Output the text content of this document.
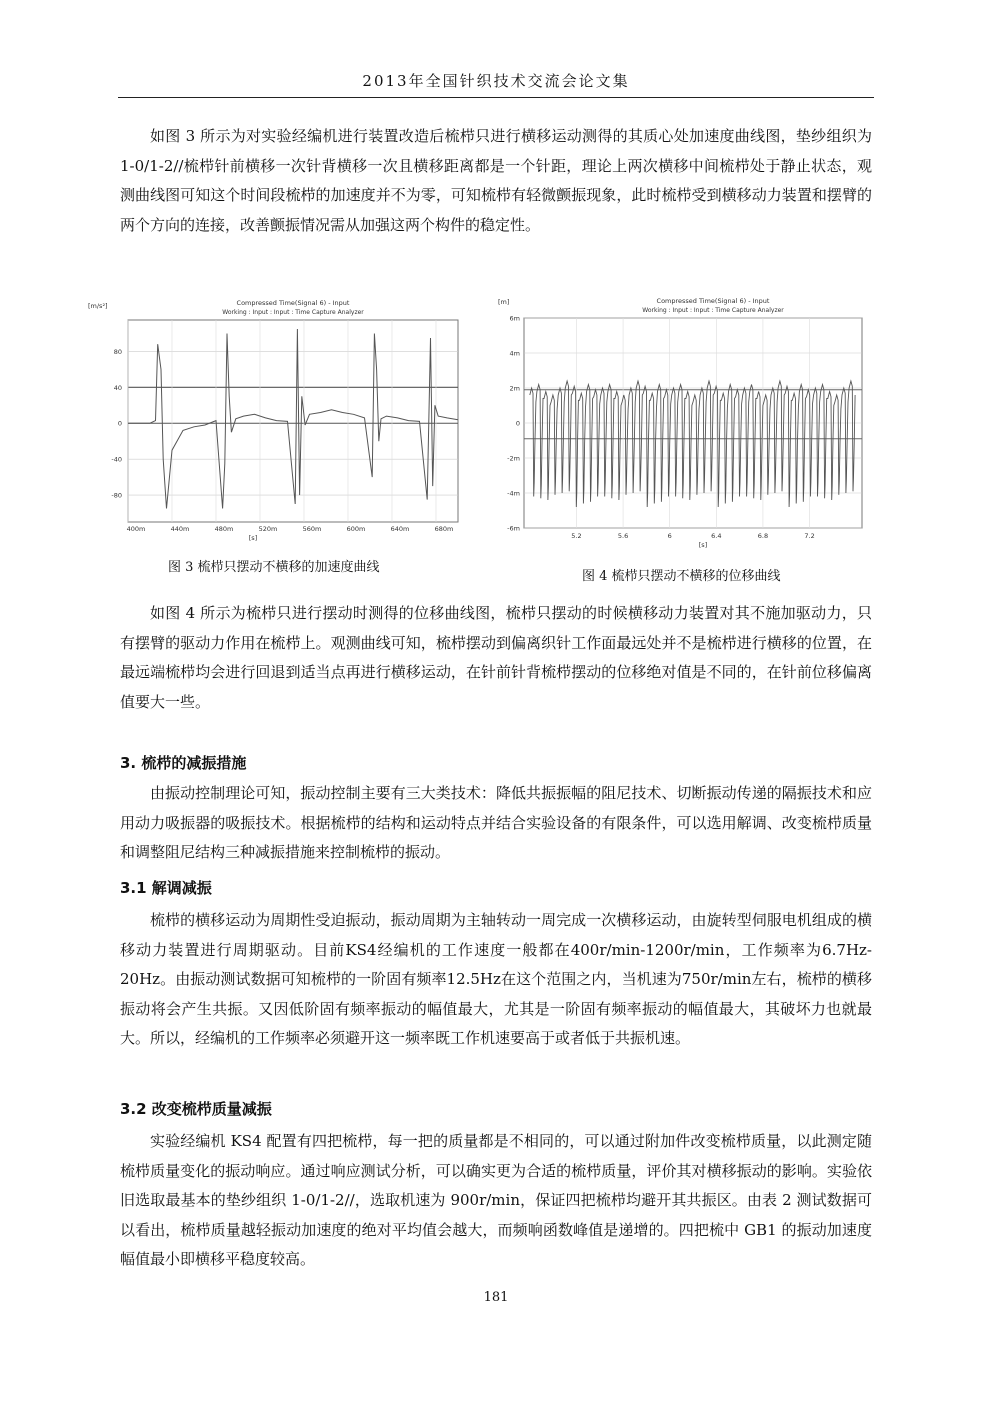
2013年全国针织技术交流会论文集

如图 3 所示为对实验经编机进行装置改造后梳栉只进行横移运动测得的其质心处加速度曲线图，垫纱组织为 1-0/1-2//梳栉针前横移一次针背横移一次且横移距离都是一个针距，理论上两次横移中间梳栉处于静止状态，观测曲线图可知这个时间段梳栉的加速度并不为零，可知梳栉有轻微颤振现象，此时梳栉受到横移动力装置和摆臂的两个方向的连接，改善颤振情况需从加强这两个构件的稳定性。

Compressed Time(Signal 6) - Input
Working : Input : Input : Time Capture Analyzer
[m/s²]
80
40
0
-40
-80
400m	440m	480m	520m	560m	600m	640m	680m
[s]
图 3 梳栉只摆动不横移的加速度曲线
Compressed Time(Signal 6) - Input
Working : Input : Input : Time Capture Analyzer
[m]
6m
4m
2m
0
-2m
-4m
-6m
5.2	5.6	6	6.4	6.8	7.2
[s]
图 4 梳栉只摆动不横移的位移曲线

如图 4 所示为梳栉只进行摆动时测得的位移曲线图，梳栉只摆动的时候横移动力装置对其不施加驱动力，只有摆臂的驱动力作用在梳栉上。观测曲线可知，梳栉摆动到偏离织针工作面最远处并不是梳栉进行横移的位置，在最远端梳栉均会进行回退到适当点再进行横移运动，在针前针背梳栉摆动的位移绝对值是不同的，在针前位移偏离值要大一些。

3. 梳栉的减振措施

由振动控制理论可知，振动控制主要有三大类技术：降低共振振幅的阻尼技术、切断振动传递的隔振技术和应用动力吸振器的吸振技术。根据梳栉的结构和运动特点并结合实验设备的有限条件，可以选用解调、改变梳栉质量和调整阻尼结构三种减振措施来控制梳栉的振动。

3.1 解调减振

梳栉的横移运动为周期性受迫振动，振动周期为主轴转动一周完成一次横移运动，由旋转型伺服电机组成的横移动力装置进行周期驱动。目前KS4经编机的工作速度一般都在400r/min-1200r/min，工作频率为6.7Hz-20Hz。由振动测试数据可知梳栉的一阶固有频率12.5Hz在这个范围之内，当机速为750r/min左右，梳栉的横移振动将会产生共振。又因低阶固有频率振动的幅值最大，尤其是一阶固有频率振动的幅值最大，其破坏力也就最大。所以，经编机的工作频率必须避开这一频率既工作机速要高于或者低于共振机速。

3.2 改变梳栉质量减振

实验经编机 KS4 配置有四把梳栉，每一把的质量都是不相同的，可以通过附加件改变梳栉质量，以此测定随梳栉质量变化的振动响应。通过响应测试分析，可以确实更为合适的梳栉质量，评价其对横移振动的影响。实验依旧选取最基本的垫纱组织 1-0/1-2//，选取机速为 900r/min，保证四把梳栉均避开其共振区。由表 2 测试数据可以看出，梳栉质量越轻振动加速度的绝对平均值会越大，而频响函数峰值是递增的。四把梳中 GB1 的振动加速度幅值最小即横移平稳度较高。

181
